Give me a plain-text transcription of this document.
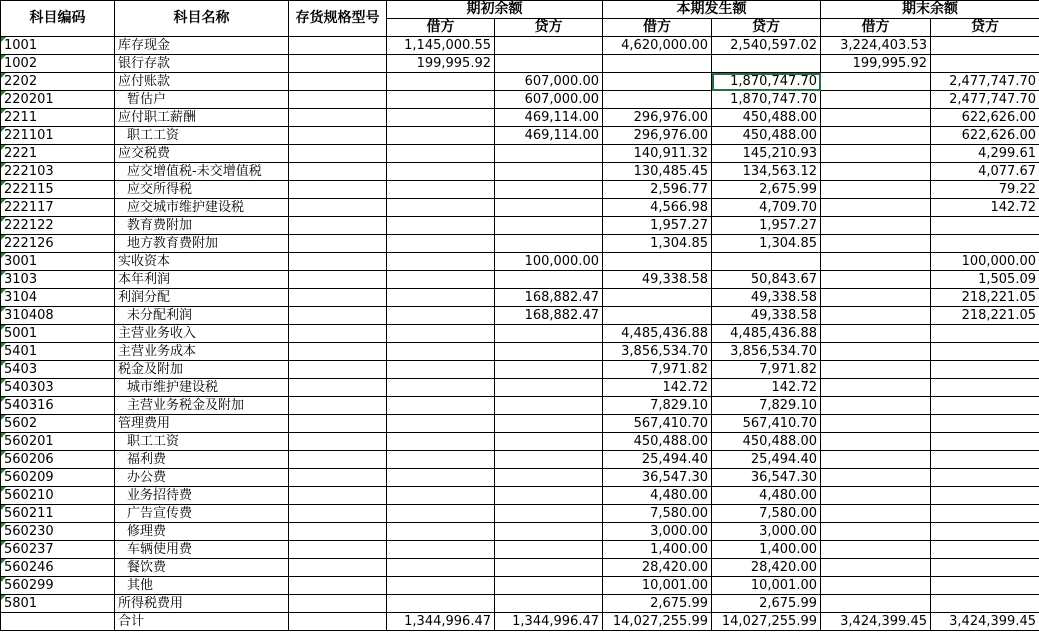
科目编码	科目名称	存货规格型号	期初余额		本期发生额		期末余额	
			借方	贷方	借方	贷方	借方	贷方
1001	库存现金		1,145,000.55		4,620,000.00	2,540,597.02	3,224,403.53	
1002	银行存款		199,995.92				199,995.92	
2202	应付账款			607,000.00		1,870,747.70		2,477,747.70
220201	暂估户			607,000.00		1,870,747.70		2,477,747.70
2211	应付职工薪酬			469,114.00	296,976.00	450,488.00		622,626.00
221101	职工工资			469,114.00	296,976.00	450,488.00		622,626.00
2221	应交税费				140,911.32	145,210.93		4,299.61
222103	应交增值税-未交增值税				130,485.45	134,563.12		4,077.67
222115	应交所得税				2,596.77	2,675.99		79.22
222117	应交城市维护建设税				4,566.98	4,709.70		142.72
222122	教育费附加				1,957.27	1,957.27		
222126	地方教育费附加				1,304.85	1,304.85		
3001	实收资本			100,000.00				100,000.00
3103	本年利润				49,338.58	50,843.67		1,505.09
3104	利润分配			168,882.47		49,338.58		218,221.05
310408	未分配利润			168,882.47		49,338.58		218,221.05
5001	主营业务收入				4,485,436.88	4,485,436.88		
5401	主营业务成本				3,856,534.70	3,856,534.70		
5403	税金及附加				7,971.82	7,971.82		
540303	城市维护建设税				142.72	142.72		
540316	主营业务税金及附加				7,829.10	7,829.10		
5602	管理费用				567,410.70	567,410.70		
560201	职工工资				450,488.00	450,488.00		
560206	福利费				25,494.40	25,494.40		
560209	办公费				36,547.30	36,547.30		
560210	业务招待费				4,480.00	4,480.00		
560211	广告宣传费				7,580.00	7,580.00		
560230	修理费				3,000.00	3,000.00		
560237	车辆使用费				1,400.00	1,400.00		
560246	餐饮费				28,420.00	28,420.00		
560299	其他				10,001.00	10,001.00		
5801	所得税费用				2,675.99	2,675.99		
	合计		1,344,996.47	1,344,996.47	14,027,255.99	14,027,255.99	3,424,399.45	3,424,399.45
